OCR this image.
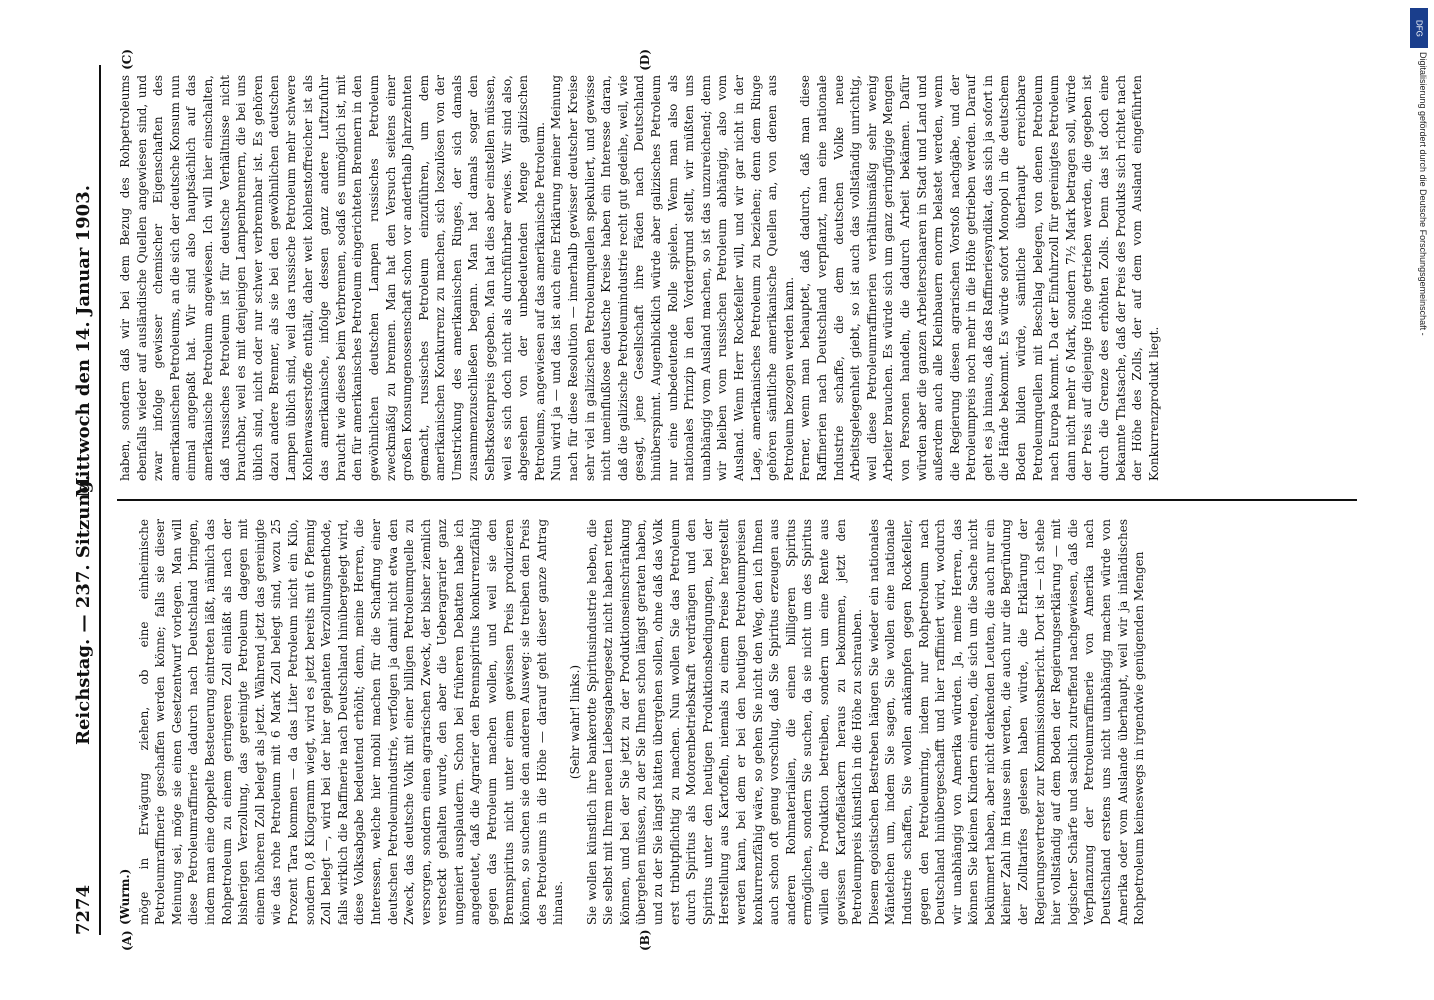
7274
Reichstag. — 237. Sitzung.
Mittwoch den 14. Januar 1903.
(A)	(B)
(Wurm.) möge in Erwägung ziehen, ob eine einheimische Petroleumraffinerie geschaffen werden könne; falls sie dieser Meinung sei, möge sie einen Gesetzentwurf vorlegen. Man will diese Petroleumraffinerie dadurch nach Deutschland bringen, indem man eine doppelte Besteuerung eintreten läßt, nämlich das Rohpetroleum zu einem geringeren Zoll einläßt als nach der bisherigen Verzollung, das gereinigte Petroleum dagegen mit einem höheren Zoll belegt als jetzt. Während jetzt das gereinigte wie das rohe Petroleum mit 6 Mark Zoll belegt sind, wozu 25 Prozent Tara kommen — da das Liter Petroleum nicht ein Kilo, sondern 0,8 Kilogramm wiegt, wird es jetzt bereits mit 6 Pfennig Zoll belegt —, wird bei der hier geplanten Verzollungsmethode, falls wirklich die Raffinerie nach Deutschland hinübergelegt wird, diese Volksabgabe bedeutend erhöht; denn, meine Herren, die Interessen, welche hier mobil machen für die Schaffung einer deutschen Petroleumindustrie, verfolgen ja damit nicht etwa den Zweck, das deutsche Volk mit einer billigen Petroleumquelle zu versorgen, sondern einen agrarischen Zweck, der bisher ziemlich versteckt gehalten wurde, den aber die Ueberagrarier ganz ungeniert ausplaudern. Schon bei früheren Debatten habe ich angedeutet, daß die Agrarier den Brennspiritus konkurrenzfähig gegen das Petroleum machen wollen, und weil sie den Brennspiritus nicht unter einem gewissen Preis produzieren können, so suchen sie den anderen Ausweg: sie treiben den Preis des Petroleums in die Höhe — darauf geht dieser ganze Antrag hinaus.

(Sehr wahr! links.) Sie wollen künstlich ihre bankerotte Spiritusindustrie heben, die Sie selbst mit Ihrem neuen Liebesgabengesetz nicht haben retten können, und bei der Sie jetzt zu der Produktionseinschränkung übergehen müssen, zu der Sie Ihnen schon längst geraten haben, und zu der Sie längst hätten übergehen sollen, ohne daß das Volk erst tributpflichtig zu machen. Nun wollen Sie das Petroleum durch Spiritus als Motorenbetriebskraft verdrängen und den Spiritus unter den heutigen Produktionsbedingungen, bei der Herstellung aus Kartoffeln, niemals zu einem Preise hergestellt werden kann, bei dem er bei den heutigen Petroleumpreisen konkurrenzfähig wäre, so gehen Sie nicht den Weg, den ich Ihnen auch schon oft genug vorschlug, daß Sie Spiritus erzeugen aus anderen Rohmaterialien, die einen billigeren Spiritus ermöglichen, sondern Sie suchen, da sie nicht um des Spiritus willen die Produktion betreiben, sondern um eine Rente aus gewissen Kartoffeläckern heraus zu bekommen, jetzt den Petroleumpreis künstlich in die Höhe zu schrauben. Diesem egoistischen Bestreben hängen Sie wieder ein nationales Mäntelchen um, indem Sie sagen, Sie wollen eine nationale Industrie schaffen, Sie wollen ankämpfen gegen Rockefeller, gegen den Petroleumring, indem nur Rohpetroleum nach Deutschland hinübergeschafft und hier raffiniert wird, wodurch wir unabhängig von Amerika würden. Ja, meine Herren, das können Sie kleinen Kindern einreden, die sich um die Sache nicht bekümmert haben, aber nicht denkenden Leuten, die auch nur ein kleiner Zahl im Hause sein werden, die auch nur die Begründung der Zolltarifes gelesen haben würde, die Erklärung der Regierungsvertreter zur Kommissionsbericht. Dort ist — ich stehe hier vollständig auf dem Boden der Regierungserklärung — mit logischer Schärfe und sachlich zutreffend nachgewiesen, daß die Verpflanzung der Petroleumraffinerie von Amerika nach Deutschland erstens uns nicht unabhängig machen würde von Amerika oder vom Auslande überhaupt, weil wir ja inländisches Rohpetroleum keineswegs in irgendwie genügenden Mengen

(C)	(D)

haben, sondern daß wir bei dem Bezug des Rohpetroleums ebenfalls wieder auf ausländische Quellen angewiesen sind, und zwar infolge gewisser chemischer Eigenschaften des amerikanischen Petroleums, an die sich der deutsche Konsum nun einmal angepaßt hat. Wir sind also hauptsächlich auf das amerikanische Petroleum angewiesen. Ich will hier einschalten, daß russisches Petroleum ist für deutsche Verhältnisse nicht brauchbar, weil es mit denjenigen Lampenbrennern, die bei uns üblich sind, nicht oder nur schwer verbrennbar ist. Es gehören dazu andere Brenner, als sie bei den gewöhnlichen deutschen Lampen üblich sind, weil das russische Petroleum mehr schwere Kohlenwasserstoffe enthält, daher weit kohlenstoffreicher ist als das amerikanische, infolge dessen ganz andere Luftzufuhr braucht wie dieses beim Verbrennen, sodaß es unmöglich ist, mit den für amerikanisches Petroleum eingerichteten Brennern in den gewöhnlichen deutschen Lampen russisches Petroleum zweckmäßig zu brennen. Man hat den Versuch seitens einer großen Konsumgenossenschaft schon vor anderthalb Jahrzehnten gemacht, russisches Petroleum einzuführen, um dem amerikanischen Konkurrenz zu machen, sich loszulösen von der Umstrickung des amerikanischen Ringes, der sich damals zusammenzuschließen begann. Man hat damals sogar den Selbstkostenpreis gegeben. Man hat dies aber einstellen müssen, weil es sich doch nicht als durchführbar erwies. Wir sind also, abgesehen von der unbedeutenden Menge galizischen Petroleums, angewiesen auf das amerikanische Petroleum. Nun wird ja — und das ist auch eine Erklärung meiner Meinung nach für diese Resolution — innerhalb gewisser deutscher Kreise sehr viel in galizischen Petroleumquellen spekuliert, und gewisse nicht uneinflußlose deutsche Kreise haben ein Interesse daran, daß die galizische Petroleumindustrie recht gut gedeihe, weil, wie gesagt, jene Gesellschaft ihre Fäden nach Deutschland hinüberspinnt. Augenblicklich würde aber galizisches Petroleum nur eine unbedeutende Rolle spielen. Wenn man also als nationales Prinzip in den Vordergrund stellt, wir müßten uns unabhängig vom Ausland machen, so ist das unzureichend; denn wir bleiben vom russischen Petroleum abhängig, also vom Ausland. Wenn Herr Rockefeller will, und wir gar nicht in der Lage, amerikanisches Petroleum zu beziehen; denn dem Ringe gehören sämtliche amerikanische Quellen an, von denen aus Petroleum bezogen werden kann. Ferner, wenn man behauptet, daß dadurch, daß man diese Raffinerien nach Deutschland verpflanzt, man eine nationale Industrie schaffe, die dem deutschen Volke neue Arbeitsgelegenheit giebt, so ist auch das vollständig unrichtig, weil diese Petroleumraffinerien verhältnismäßig sehr wenig Arbeiter brauchen. Es würde sich um ganz geringfügige Mengen von Personen handeln, die dadurch Arbeit bekämen. Dafür würden aber die ganzen Arbeiterschaaren in Stadt und Land und außerdem auch alle Kleinbauern enorm belastet werden, wenn die Regierung diesen agrarischen Vorstoß nachgäbe, und der Petroleumpreis noch mehr in die Höhe getrieben werden. Darauf geht es ja hinaus, daß das Raffineriesyndikat, das sich ja sofort in die Hände bekommt. Es würde sofort Monopol in die deutschem Boden bilden würde, sämtliche überhaupt erreichbare Petroleumquellen mit Beschlag belegen, von denen Petroleum nach Europa kommt. Da der Einfuhrzoll für gereinigtes Petroleum dann nicht mehr 6 Mark, sondern 7½ Mark betragen soll, würde der Preis auf diejenige Höhe getrieben werden, die gegeben ist durch die Grenze des erhöhten Zolls. Denn das ist doch eine bekannte Thatsache, daß der Preis des Produkts sich richtet nach der Höhe des Zolls, der auf dem vom Ausland eingeführten Konkurrenzprodukt liegt.

DFG
Digitalisierung gefördert durch die Deutsche Forschungsgemeinschaft -
